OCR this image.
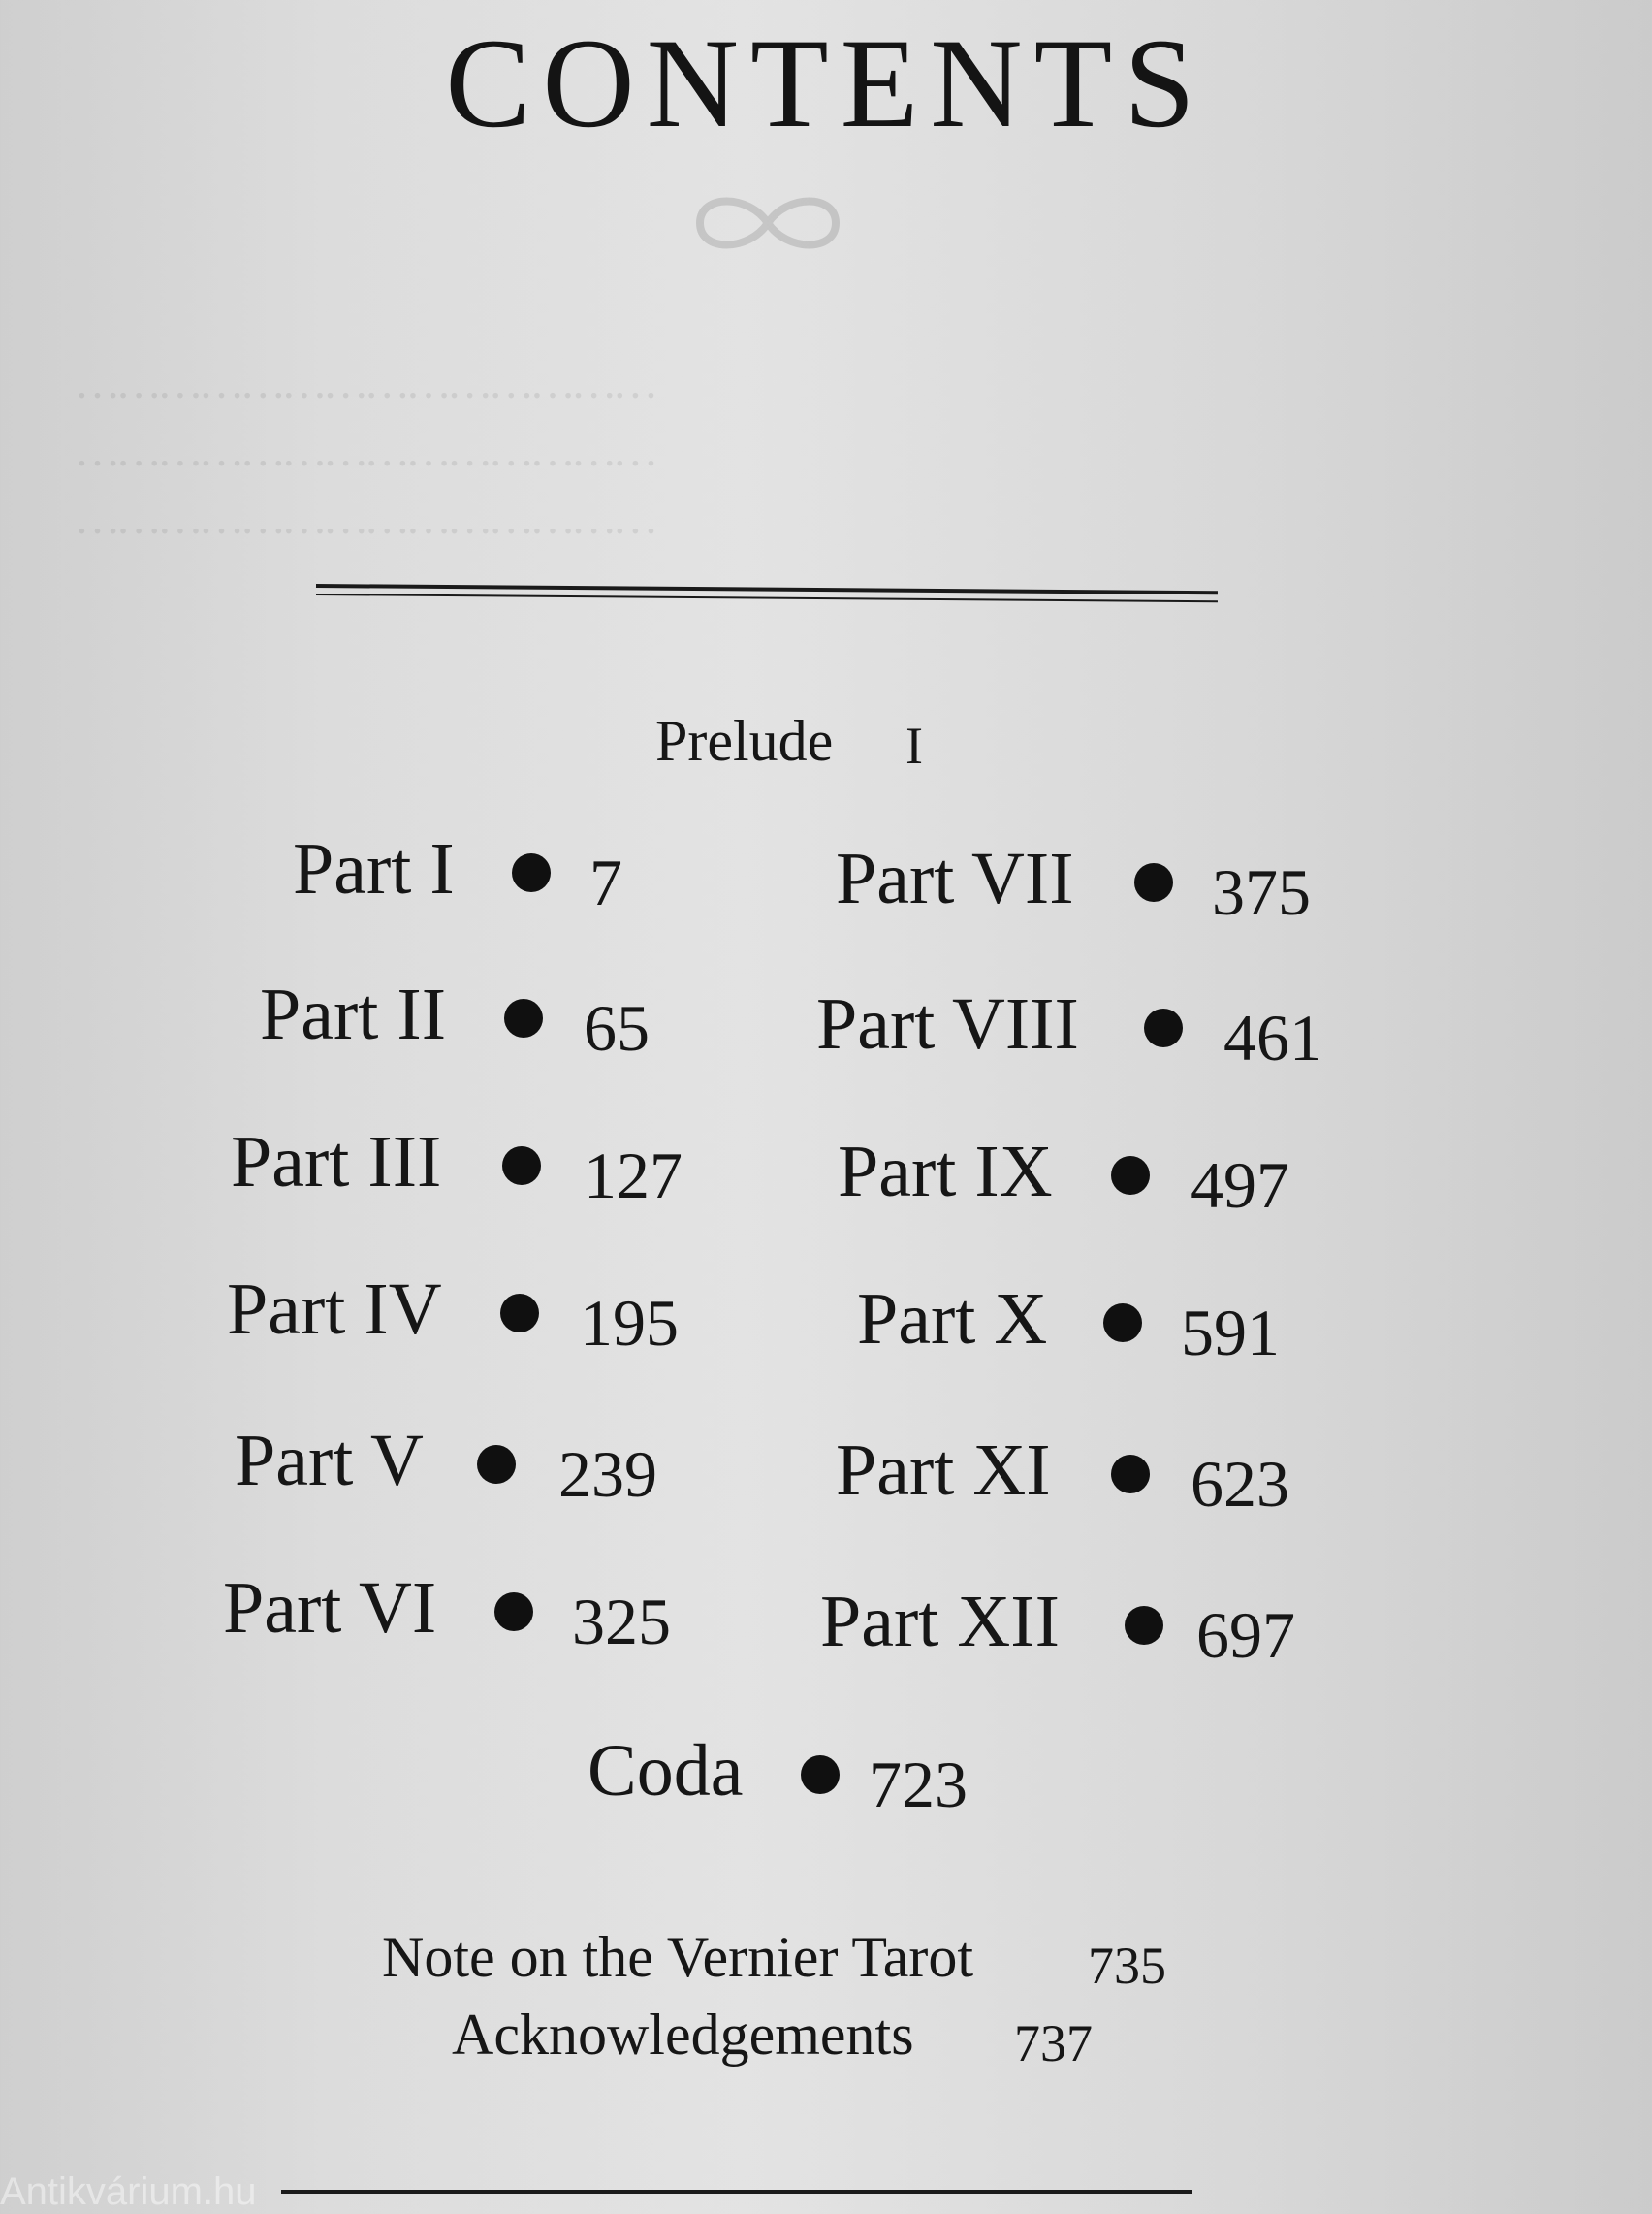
……………………………………
……………………………………
……………………………………
CONTENTS
Prelude I
Part I 7
Part II 65
Part III 127
Part IV 195
Part V 239
Part VI 325
Part VII 375
Part VIII 461
Part IX 497
Part X 591
Part XI 623
Part XII 697
Coda 723
Note on the Vernier Tarot 735
Acknowledgements 737
Antikvárium.hu
